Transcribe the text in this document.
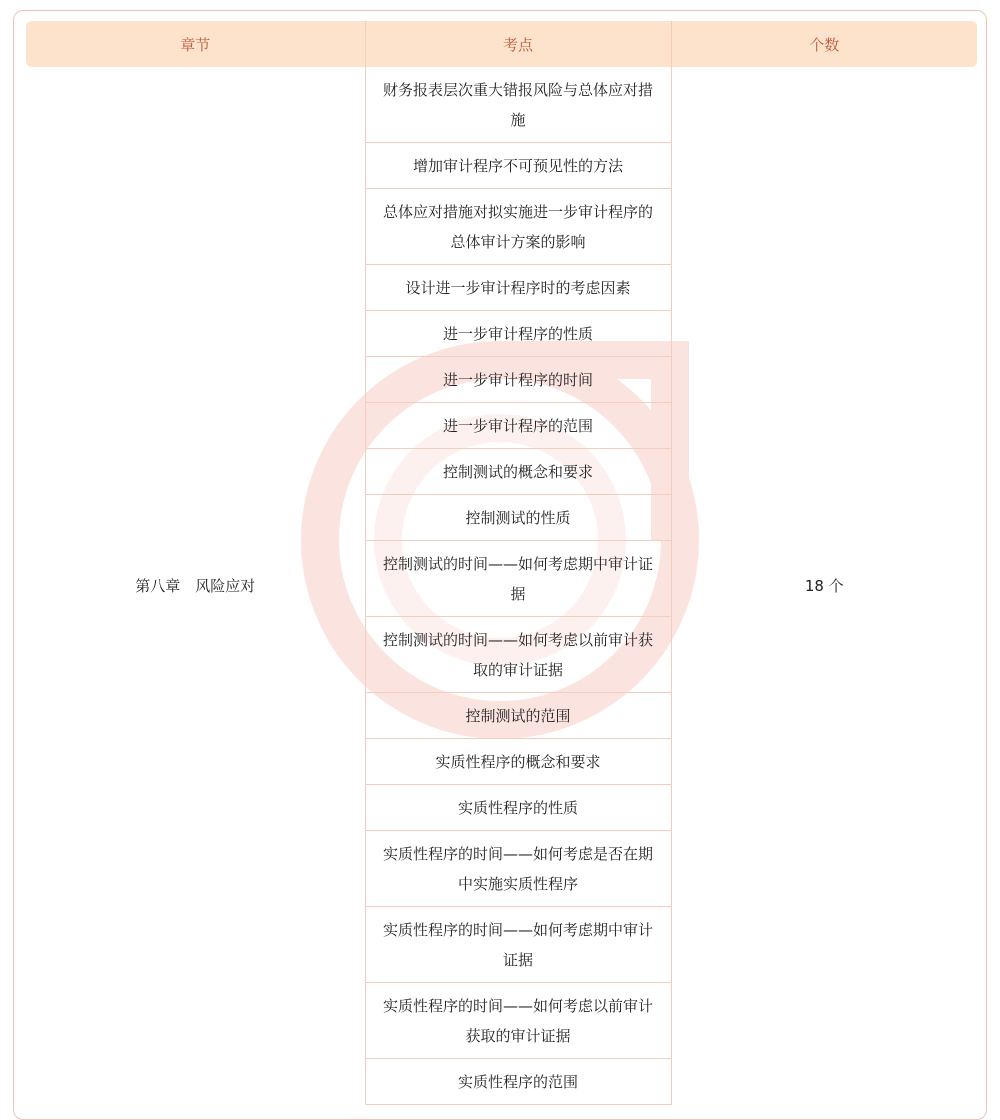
章节	考点	个数
第八章　风险应对	财务报表层次重大错报风险与总体应对措施	18 个
	增加审计程序不可预见性的方法	
	总体应对措施对拟实施进一步审计程序的总体审计方案的影响	
	设计进一步审计程序时的考虑因素	
	进一步审计程序的性质	
	进一步审计程序的时间	
	进一步审计程序的范围	
	控制测试的概念和要求	
	控制测试的性质	
	控制测试的时间——如何考虑期中审计证据	
	控制测试的时间——如何考虑以前审计获取的审计证据	
	控制测试的范围	
	实质性程序的概念和要求	
	实质性程序的性质	
	实质性程序的时间——如何考虑是否在期中实施实质性程序	
	实质性程序的时间——如何考虑期中审计证据	
	实质性程序的时间——如何考虑以前审计获取的审计证据	
	实质性程序的范围	
